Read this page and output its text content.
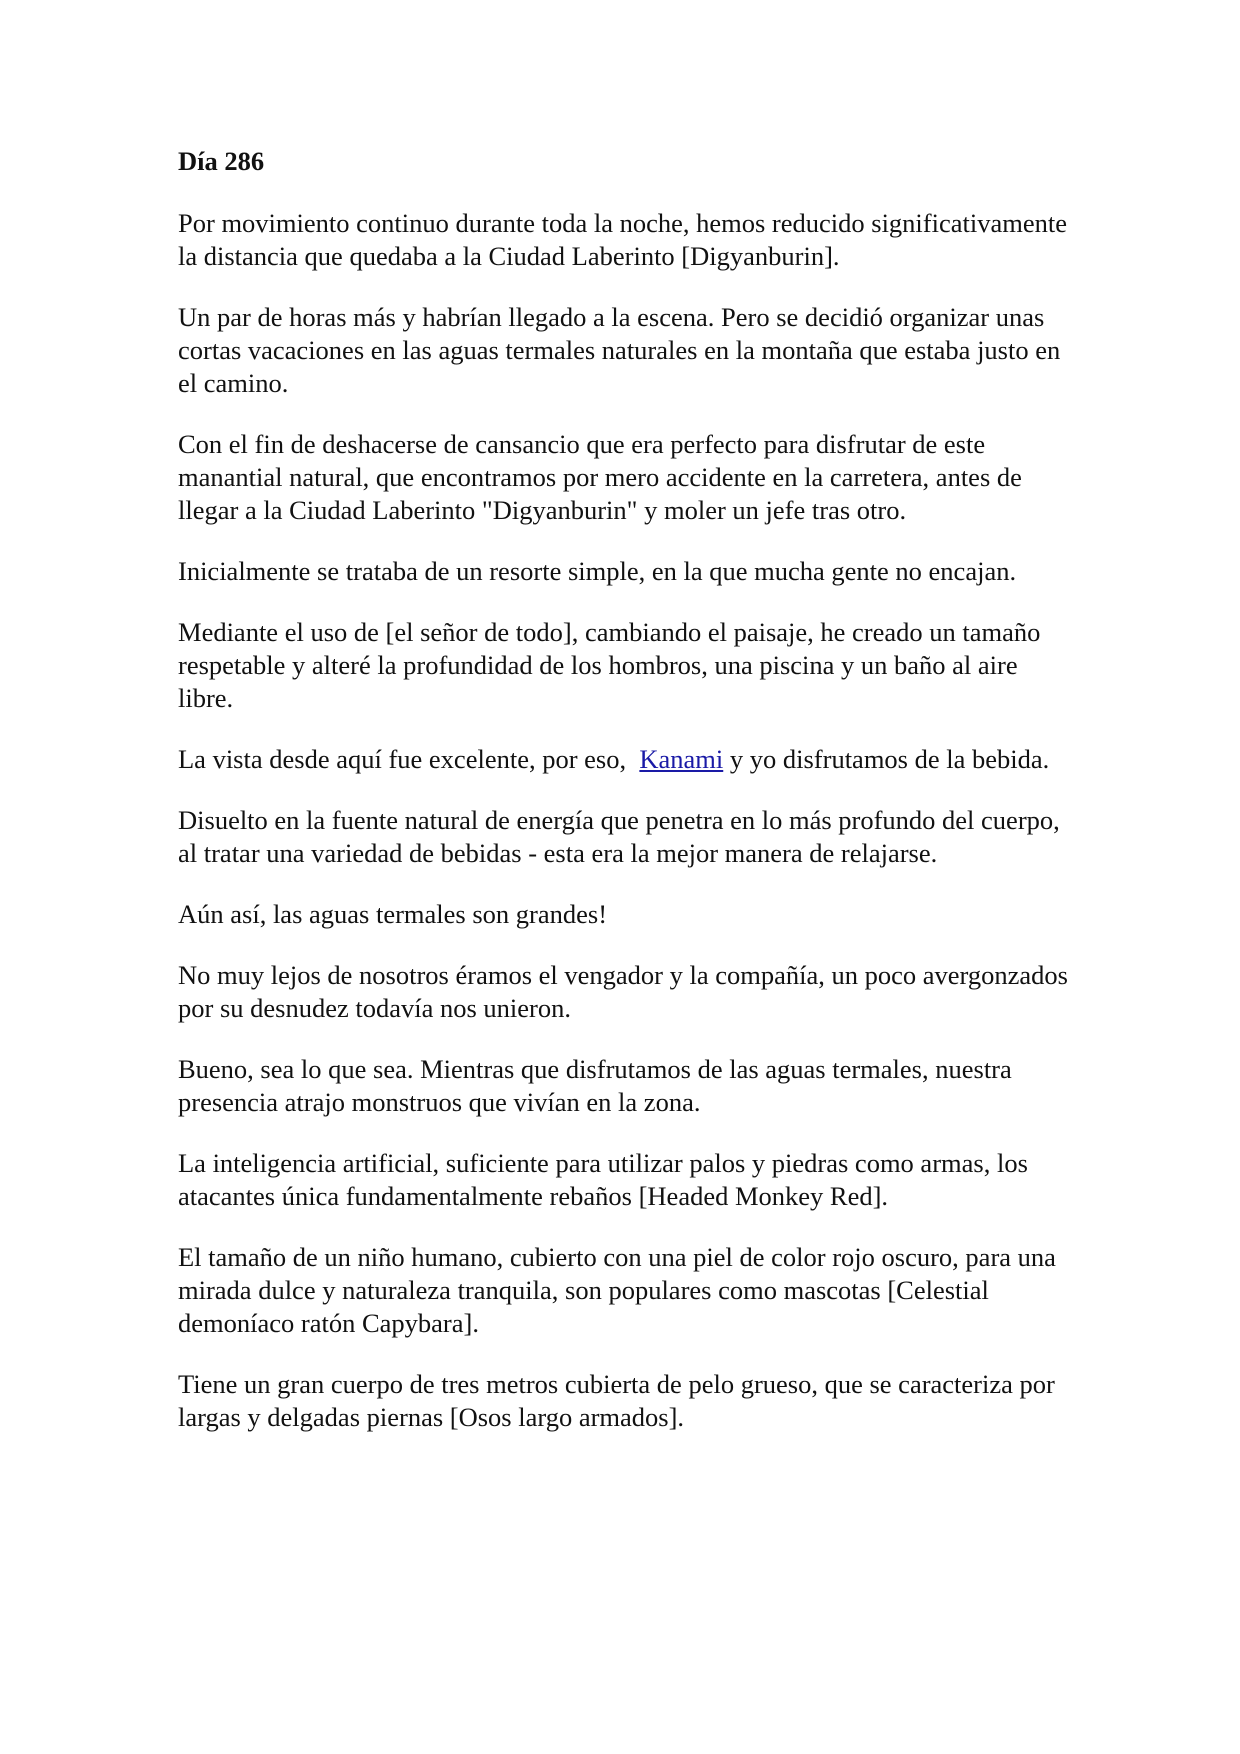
Día 286

Por movimiento continuo durante toda la noche, hemos reducido significativamente la distancia que quedaba a la Ciudad Laberinto [Digyanburin].

Un par de horas más y habrían llegado a la escena. Pero se decidió organizar unas cortas vacaciones en las aguas termales naturales en la montaña que estaba justo en el camino.

Con el fin de deshacerse de cansancio que era perfecto para disfrutar de este manantial natural, que encontramos por mero accidente en la carretera, antes de llegar a la Ciudad Laberinto "Digyanburin" y moler un jefe tras otro.

Inicialmente se trataba de un resorte simple, en la que mucha gente no encajan.

Mediante el uso de [el señor de todo], cambiando el paisaje, he creado un tamaño respetable y alteré la profundidad de los hombros, una piscina y un baño al aire libre.

La vista desde aquí fue excelente, por eso,  Kanami y yo disfrutamos de la bebida.

Disuelto en la fuente natural de energía que penetra en lo más profundo del cuerpo, al tratar una variedad de bebidas - esta era la mejor manera de relajarse.

Aún así, las aguas termales son grandes!

No muy lejos de nosotros éramos el vengador y la compañía, un poco avergonzados por su desnudez todavía nos unieron.

Bueno, sea lo que sea. Mientras que disfrutamos de las aguas termales, nuestra presencia atrajo monstruos que vivían en la zona.

La inteligencia artificial, suficiente para utilizar palos y piedras como armas, los atacantes única fundamentalmente rebaños [Headed Monkey Red].

El tamaño de un niño humano, cubierto con una piel de color rojo oscuro, para una mirada dulce y naturaleza tranquila, son populares como mascotas [Celestial demoníaco ratón Capybara].

Tiene un gran cuerpo de tres metros cubierta de pelo grueso, que se caracteriza por largas y delgadas piernas [Osos largo armados].
